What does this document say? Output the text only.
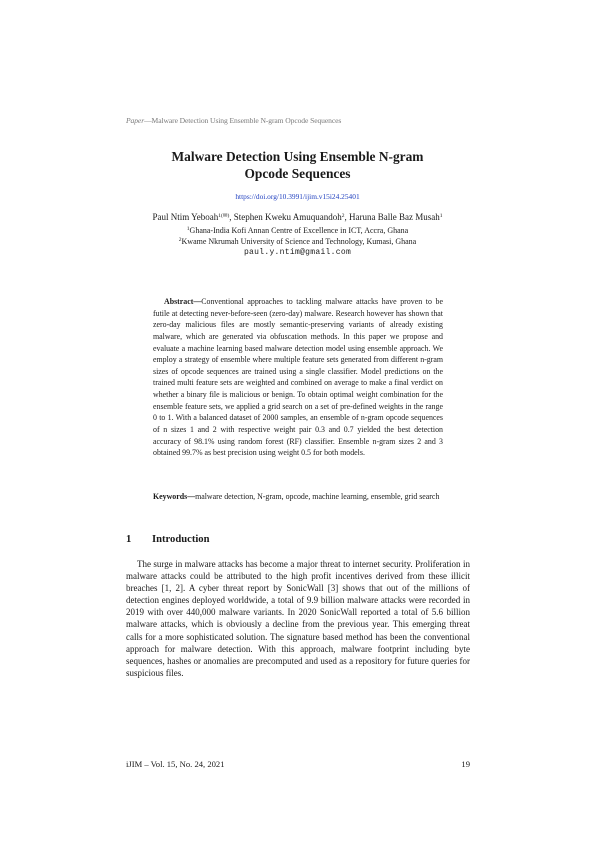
Paper—Malware Detection Using Ensemble N-gram Opcode Sequences
Malware Detection Using Ensemble N-gram
Opcode Sequences
https://doi.org/10.3991/ijim.v15i24.25401
Paul Ntim Yeboah$^{1(✉)}$, Stephen Kweku Amuquandoh$^2$, Haruna Balle Baz Musah$^1$
$^1$Ghana-India Kofi Annan Centre of Excellence in ICT, Accra, Ghana
$^2$Kwame Nkrumah University of Science and Technology, Kumasi, Ghana
paul.y.ntim@gmail.com

Abstract—Conventional approaches to tackling malware attacks have proven to be futile at detecting never-before-seen (zero-day) malware. Research however has shown that zero-day malicious files are mostly semantic-preserving variants of already existing malware, which are generated via obfuscation methods. In this paper we propose and evaluate a machine learning based malware detection model using ensemble approach. We employ a strategy of ensemble where multiple feature sets generated from different n-gram sizes of opcode sequences are trained using a single classifier. Model predictions on the trained multi feature sets are weighted and combined on average to make a final verdict on whether a binary file is malicious or benign. To obtain optimal weight combination for the ensemble feature sets, we applied a grid search on a set of pre-defined weights in the range 0 to 1. With a balanced dataset of 2000 samples, an ensemble of n-gram opcode sequences of n sizes 1 and 2 with respective weight pair 0.3 and 0.7 yielded the best detection accuracy of 98.1% using random forest (RF) classifier. Ensemble n-gram sizes 2 and 3 obtained 99.7% as best precision using weight 0.5 for both models.

Keywords—malware detection, N-gram, opcode, machine learning, ensemble, grid search

1 Introduction

The surge in malware attacks has become a major threat to internet security. Proliferation in malware attacks could be attributed to the high profit incentives derived from these illicit breaches [1, 2]. A cyber threat report by SonicWall [3] shows that out of the millions of detection engines deployed worldwide, a total of 9.9 billion malware attacks were recorded in 2019 with over 440,000 malware variants. In 2020 SonicWall reported a total of 5.6 billion malware attacks, which is obviously a decline from the previous year. This emerging threat calls for a more sophisticated solution. The signature based method has been the conventional approach for malware detection. With this approach, malware footprint including byte sequences, hashes or anomalies are precomputed and used as a repository for future queries for suspicious files.

iJIM ‒ Vol. 15, No. 24, 2021	19
